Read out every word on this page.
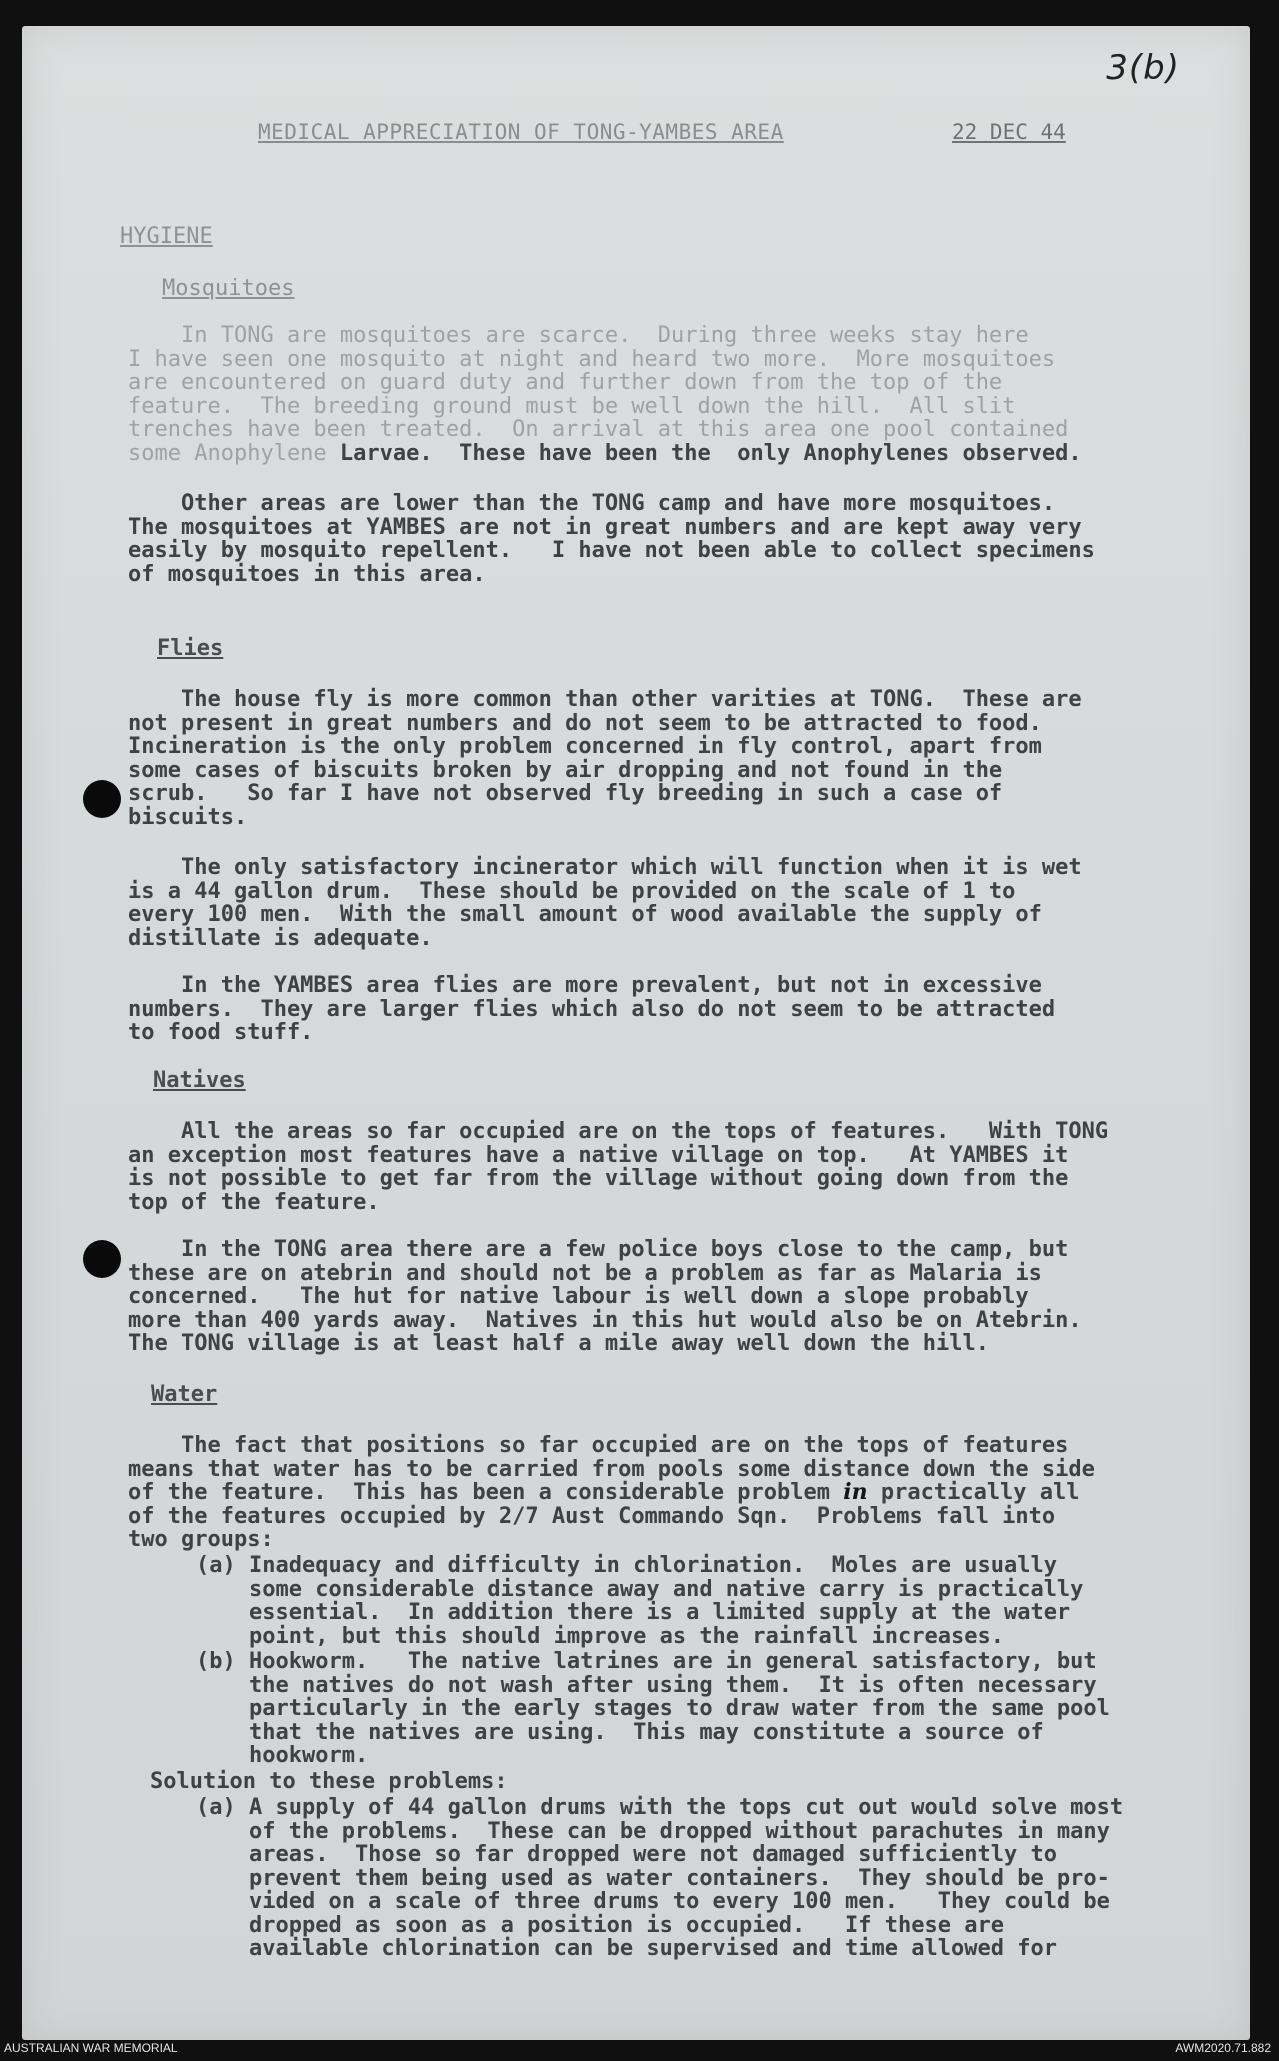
3(b)
MEDICAL APPRECIATION OF TONG-YAMBES AREA	22 DEC 44
HYGIENE
Mosquitoes
In TONG are mosquitoes are scarce.  During three weeks stay here
I have seen one mosquito at night and heard two more.  More mosquitoes
are encountered on guard duty and further down from the top of the
feature.  The breeding ground must be well down the hill.  All slit
trenches have been treated.  On arrival at this area one pool contained
some Anophylene Larvae.  These have been the  only Anophylenes observed.
Other areas are lower than the TONG camp and have more mosquitoes.
The mosquitoes at YAMBES are not in great numbers and are kept away very
easily by mosquito repellent.   I have not been able to collect specimens
of mosquitoes in this area.
Flies
The house fly is more common than other varities at TONG.  These are
not present in great numbers and do not seem to be attracted to food.
Incineration is the only problem concerned in fly control, apart from
some cases of biscuits broken by air dropping and not found in the
scrub.   So far I have not observed fly breeding in such a case of
biscuits.
The only satisfactory incinerator which will function when it is wet
is a 44 gallon drum.  These should be provided on the scale of 1 to
every 100 men.  With the small amount of wood available the supply of
distillate is adequate.
In the YAMBES area flies are more prevalent, but not in excessive
numbers.  They are larger flies which also do not seem to be attracted
to food stuff.
Natives
All the areas so far occupied are on the tops of features.   With TONG
an exception most features have a native village on top.   At YAMBES it
is not possible to get far from the village without going down from the
top of the feature.
In the TONG area there are a few police boys close to the camp, but
these are on atebrin and should not be a problem as far as Malaria is
concerned.   The hut for native labour is well down a slope probably
more than 400 yards away.  Natives in this hut would also be on Atebrin.
The TONG village is at least half a mile away well down the hill.
Water
The fact that positions so far occupied are on the tops of features
means that water has to be carried from pools some distance down the side
of the feature.  This has been a considerable problem in practically all
of the features occupied by 2/7 Aust Commando Sqn.  Problems fall into
two groups:
(a) Inadequacy and difficulty in chlorination.  Moles are usually
some considerable distance away and native carry is practically
essential.  In addition there is a limited supply at the water
point, but this should improve as the rainfall increases.
(b) Hookworm.   The native latrines are in general satisfactory, but
the natives do not wash after using them.  It is often necessary
particularly in the early stages to draw water from the same pool
that the natives are using.  This may constitute a source of
hookworm.
Solution to these problems:
(a) A supply of 44 gallon drums with the tops cut out would solve most
of the problems.  These can be dropped without parachutes in many
areas.  Those so far dropped were not damaged sufficiently to
prevent them being used as water containers.  They should be pro-
vided on a scale of three drums to every 100 men.   They could be
dropped as soon as a position is occupied.   If these are
available chlorination can be supervised and time allowed for
AUSTRALIAN WAR MEMORIAL	AWM2020.71.882
